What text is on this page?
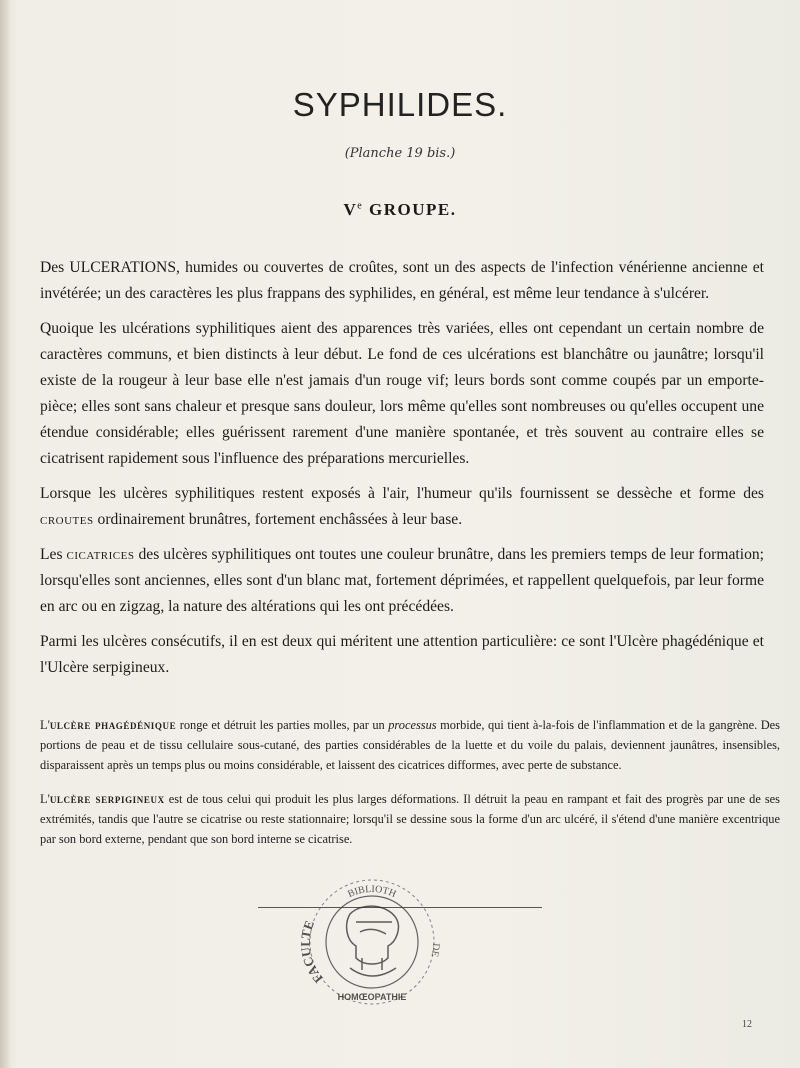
SYPHILIDES.
(Planche 19 bis.)
Ve GROUPE.

Des ULCERATIONS, humides ou couvertes de croûtes, sont un des aspects de l'infection vénérienne ancienne et invétérée; un des caractères les plus frappans des syphilides, en général, est même leur tendance à s'ulcérer.

Quoique les ulcérations syphilitiques aient des apparences très variées, elles ont cependant un certain nombre de caractères communs, et bien distincts à leur début. Le fond de ces ulcérations est blanchâtre ou jaunâtre; lorsqu'il existe de la rougeur à leur base elle n'est jamais d'un rouge vif; leurs bords sont comme coupés par un emporte-pièce; elles sont sans chaleur et presque sans douleur, lors même qu'elles sont nombreuses ou qu'elles occupent une étendue considérable; elles guérissent rarement d'une manière spontanée, et très souvent au contraire elles se cicatrisent rapidement sous l'influence des préparations mercurielles.

Lorsque les ulcères syphilitiques restent exposés à l'air, l'humeur qu'ils fournissent se dessèche et forme des croutes ordinairement brunâtres, fortement enchâssées à leur base.

Les cicatrices des ulcères syphilitiques ont toutes une couleur brunâtre, dans les premiers temps de leur formation; lorsqu'elles sont anciennes, elles sont d'un blanc mat, fortement déprimées, et rappellent quelquefois, par leur forme en arc ou en zigzag, la nature des altérations qui les ont précédées.

Parmi les ulcères consécutifs, il en est deux qui méritent une attention particulière: ce sont l'Ulcère phagédénique et l'Ulcère serpigineux.

L'ulcère phagédénique ronge et détruit les parties molles, par un processus morbide, qui tient à-la-fois de l'inflammation et de la gangrène. Des portions de peau et de tissu cellulaire sous-cutané, des parties considérables de la luette et du voile du palais, deviennent jaunâtres, insensibles, disparaissent après un temps plus ou moins considérable, et laissent des cicatrices difformes, avec perte de substance.

L'ulcère serpigineux est de tous celui qui produit les plus larges déformations. Il détruit la peau en rampant et fait des progrès par une de ses extrémités, tandis que l'autre se cicatrise ou reste stationnaire; lorsqu'il se dessine sous la forme d'un arc ulcéré, il s'étend d'une manière excentrique par son bord externe, pendant que son bord interne se cicatrise.

BIBLIOTH
FACULTE
DE
HOMŒOPATHIE
12
